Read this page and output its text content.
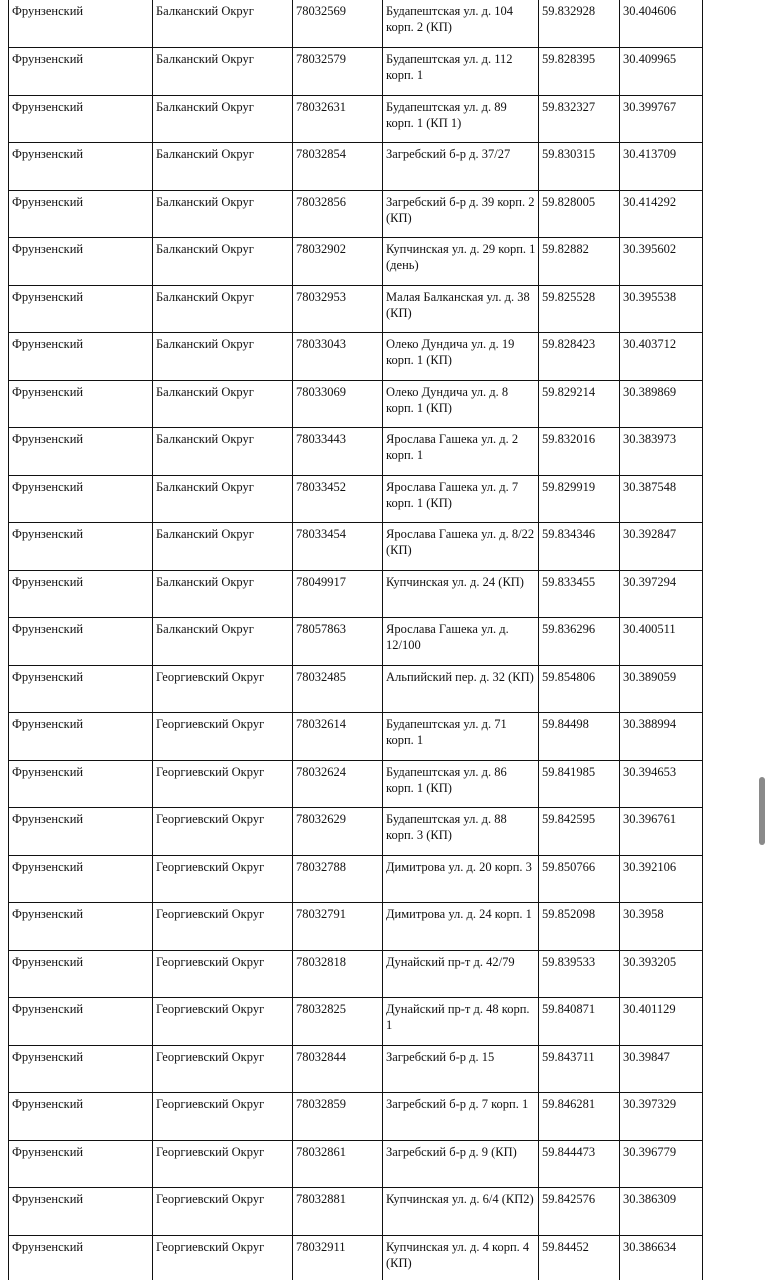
Фрунзенский	Балканский Округ	78032569	Будапештская ул. д. 104 корп. 2 (КП)	59.832928	30.404606
Фрунзенский	Балканский Округ	78032579	Будапештская ул. д. 112 корп. 1	59.828395	30.409965
Фрунзенский	Балканский Округ	78032631	Будапештская ул. д. 89 корп. 1 (КП 1)	59.832327	30.399767
Фрунзенский	Балканский Округ	78032854	Загребский б-р д. 37/27	59.830315	30.413709
Фрунзенский	Балканский Округ	78032856	Загребский б-р д. 39 корп. 2 (КП)	59.828005	30.414292
Фрунзенский	Балканский Округ	78032902	Купчинская ул. д. 29 корп. 1 (день)	59.82882	30.395602
Фрунзенский	Балканский Округ	78032953	Малая Балканская ул. д. 38 (КП)	59.825528	30.395538
Фрунзенский	Балканский Округ	78033043	Олеко Дундича ул. д. 19 корп. 1 (КП)	59.828423	30.403712
Фрунзенский	Балканский Округ	78033069	Олеко Дундича ул. д. 8 корп. 1 (КП)	59.829214	30.389869
Фрунзенский	Балканский Округ	78033443	Ярослава Гашека ул. д. 2 корп. 1	59.832016	30.383973
Фрунзенский	Балканский Округ	78033452	Ярослава Гашека ул. д. 7 корп. 1 (КП)	59.829919	30.387548
Фрунзенский	Балканский Округ	78033454	Ярослава Гашека ул. д. 8/22 (КП)	59.834346	30.392847
Фрунзенский	Балканский Округ	78049917	Купчинская ул. д. 24 (КП)	59.833455	30.397294
Фрунзенский	Балканский Округ	78057863	Ярослава Гашека ул. д. 12/100	59.836296	30.400511
Фрунзенский	Георгиевский Округ	78032485	Альпийский пер. д. 32 (КП)	59.854806	30.389059
Фрунзенский	Георгиевский Округ	78032614	Будапештская ул. д. 71 корп. 1	59.84498	30.388994
Фрунзенский	Георгиевский Округ	78032624	Будапештская ул. д. 86 корп. 1 (КП)	59.841985	30.394653
Фрунзенский	Георгиевский Округ	78032629	Будапештская ул. д. 88 корп. 3 (КП)	59.842595	30.396761
Фрунзенский	Георгиевский Округ	78032788	Димитрова ул. д. 20 корп. 3	59.850766	30.392106
Фрунзенский	Георгиевский Округ	78032791	Димитрова ул. д. 24 корп. 1	59.852098	30.3958
Фрунзенский	Георгиевский Округ	78032818	Дунайский пр-т д. 42/79	59.839533	30.393205
Фрунзенский	Георгиевский Округ	78032825	Дунайский пр-т д. 48 корп. 1	59.840871	30.401129
Фрунзенский	Георгиевский Округ	78032844	Загребский б-р д. 15	59.843711	30.39847
Фрунзенский	Георгиевский Округ	78032859	Загребский б-р д. 7 корп. 1	59.846281	30.397329
Фрунзенский	Георгиевский Округ	78032861	Загребский б-р д. 9 (КП)	59.844473	30.396779
Фрунзенский	Георгиевский Округ	78032881	Купчинская ул. д. 6/4 (КП2)	59.842576	30.386309
Фрунзенский	Георгиевский Округ	78032911	Купчинская ул. д. 4 корп. 4 (КП)	59.84452	30.386634
